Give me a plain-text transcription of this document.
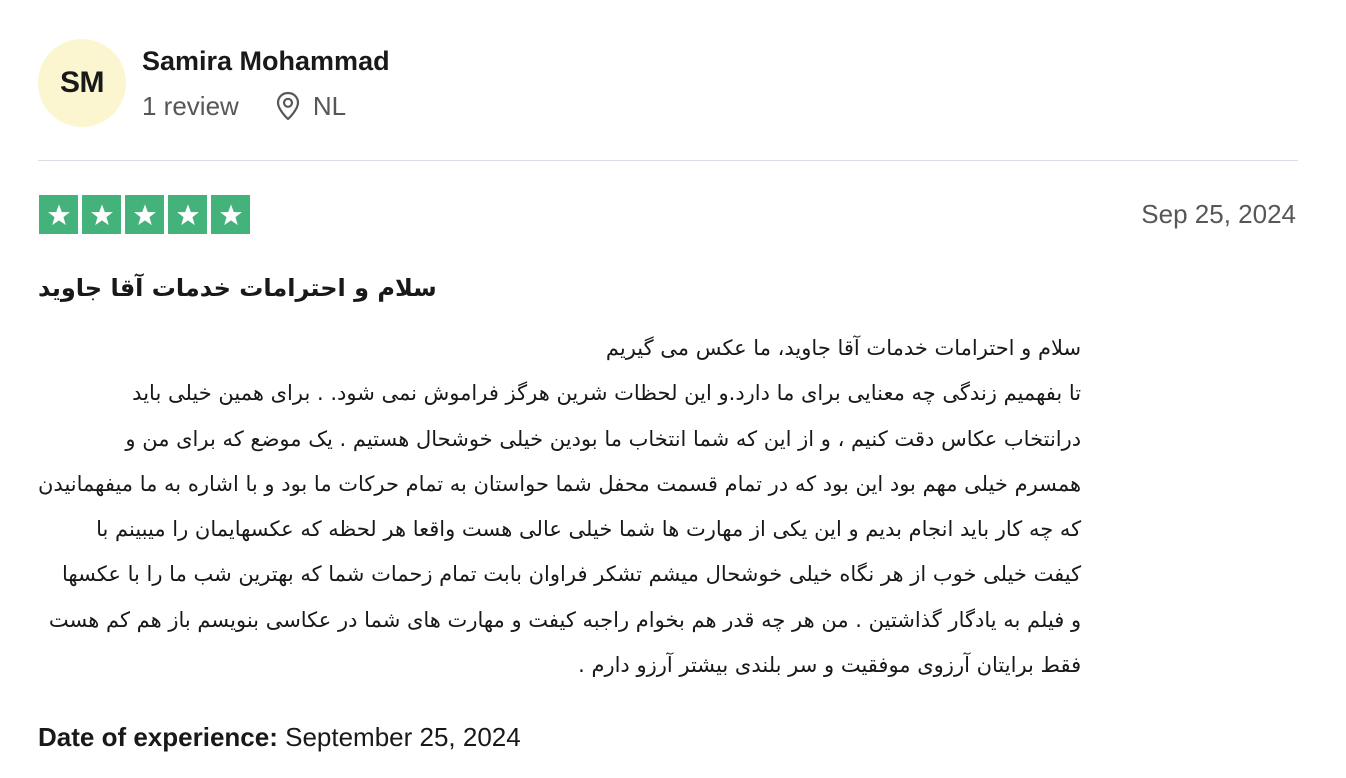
SM
Samira Mohammad
1 review	NL
Sep 25, 2024
سلام و احترامات خدمات آقا جاوید
سلام و احترامات خدمات آقا جاوید، ما عکس می گیریم
تا بفهمیم زندگی چه معنایی برای ما دارد.و این لحظات شرین هرگز فراموش نمی شود. . برای همین خیلی باید
درانتخاب عکاس دقت کنیم ، و از این که شما انتخاب ما بودین خیلی خوشحال هستیم . یک موضع که برای من و
همسرم خیلی مهم بود این بود که در تمام قسمت محفل شما حواستان به تمام حرکات ما بود و با اشاره به ما میفهمانیدن
که چه کار باید انجام بدیم و این یکی از مهارت ها شما خیلی عالی هست واقعا هر لحظه که عکسهایمان را میبینم با
کیفت خیلی خوب از هر نگاه خیلی خوشحال میشم تشکر فراوان بابت تمام زحمات شما که بهترین شب ما را با عکسها
و فیلم به یادگار گذاشتین . من هر چه قدر هم بخوام راجبه کیفت و مهارت های شما در عکاسی بنویسم باز هم کم هست
فقط برایتان آرزوی موفقیت و سر بلندی بیشتر آرزو دارم .
Date of experience: September 25, 2024
